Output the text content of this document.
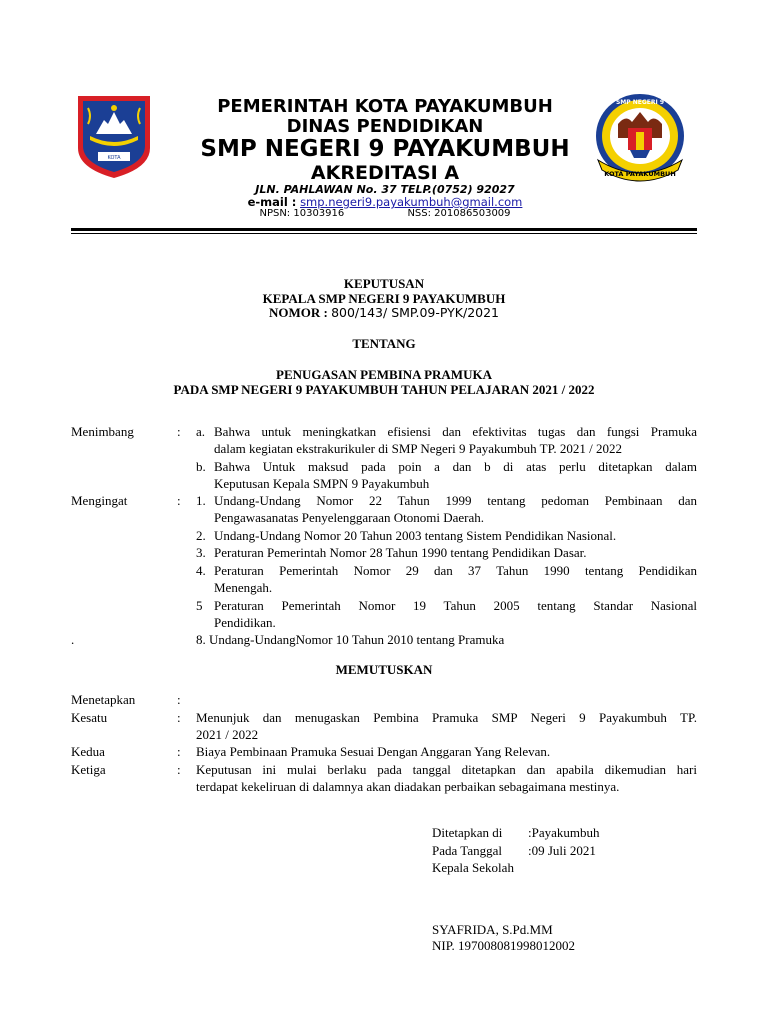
KOTA
PEMERINTAH KOTA PAYAKUMBUH
DINAS PENDIDIKAN
SMP NEGERI 9 PAYAKUMBUH
AKREDITASI A
JLN. PAHLAWAN No. 37 TELP.(0752) 92027
e-mail : smp.negeri9.payakumbuh@gmail.com
NPSN: 10303916	NSS: 201086503009
KOTA PAYAKUMBUH
SMP NEGERI 9
KEPUTUSAN
KEPALA SMP NEGERI 9 PAYAKUMBUH
NOMOR : 800/143/ SMP.09-PYK/2021
TENTANG
PENUGASAN PEMBINA PRAMUKA
PADA SMP NEGERI 9 PAYAKUMBUH TAHUN PELAJARAN 2021 / 2022
Menimbang	: a. Bahwa untuk meningkatkan efisiensi dan efektivitas tugas dan fungsi Pramuka
dalam kegiatan ekstrakurikuler di SMP Negeri 9 Payakumbuh TP. 2021 / 2022
b. Bahwa Untuk maksud pada poin a dan b di atas perlu ditetapkan dalam
Keputusan Kepala SMPN 9 Payakumbuh
Mengingat	: 1. Undang-Undang Nomor 22 Tahun 1999 tentang pedoman Pembinaan dan
Pengawasanatas Penyelenggaraan Otonomi Daerah.
2. Undang-Undang Nomor 20 Tahun 2003 tentang Sistem Pendidikan Nasional.
3. Peraturan Pemerintah Nomor 28 Tahun 1990 tentang Pendidikan Dasar.
4. Peraturan Pemerintah Nomor 29 dan 37 Tahun 1990 tentang Pendidikan
Menengah.
5 Peraturan Pemerintah Nomor 19 Tahun 2005 tentang Standar Nasional
Pendidikan.
.	8. Undang-UndangNomor 10 Tahun 2010 tentang Pramuka
MEMUTUSKAN
Menetapkan	:
Kesatu	: Menunjuk dan menugaskan Pembina Pramuka SMP Negeri 9 Payakumbuh TP.
2021 / 2022
Kedua	: Biaya Pembinaan Pramuka Sesuai Dengan Anggaran Yang Relevan.
Ketiga	: Keputusan ini mulai berlaku pada tanggal ditetapkan dan apabila dikemudian hari
terdapat kekeliruan di dalamnya akan diadakan perbaikan sebagaimana mestinya.
Ditetapkan di :Payakumbuh
Pada Tanggal :09 Juli 2021
Kepala Sekolah
SYAFRIDA, S.Pd.MM
NIP. 197008081998012002
